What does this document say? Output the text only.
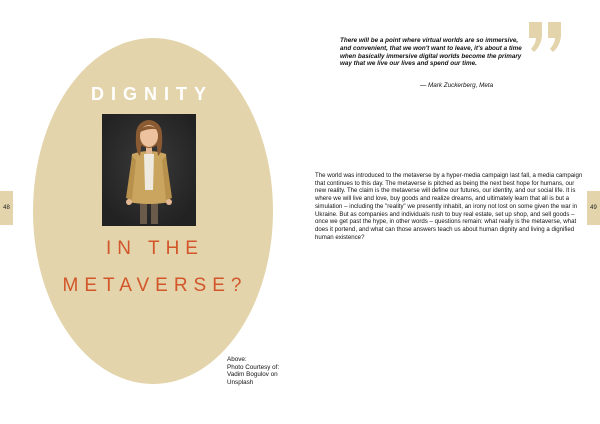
DIGNITY
IN THE
METAVERSE?
Above:
Photo Courtesy of:
Vadim Bogulov on
Unsplash
48
There will be a point where virtual worlds are so immersive, and convenient, that we won't want to leave, it's about a time when basically immersive digital worlds become the primary way that we live our lives and spend our time.
— Mark Zuckerberg, Meta
The world was introduced to the metaverse by a hyper-media campaign last fall, a media campaign that continues to this day. The metaverse is pitched as being the next best hope for humans, our new reality. The claim is the metaverse will define our futures, our identity, and our social life. It is where we will live and love, buy goods and realize dreams, and ultimately learn that all is but a simulation – including the "reality" we presently inhabit, an irony not lost on some given the war in Ukraine. But as companies and individuals rush to buy real estate, set up shop, and sell goods – once we get past the hype, in other words – questions remain: what really is the metaverse, what does it portend, and what can those answers teach us about human dignity and living a dignified human existence?
49
